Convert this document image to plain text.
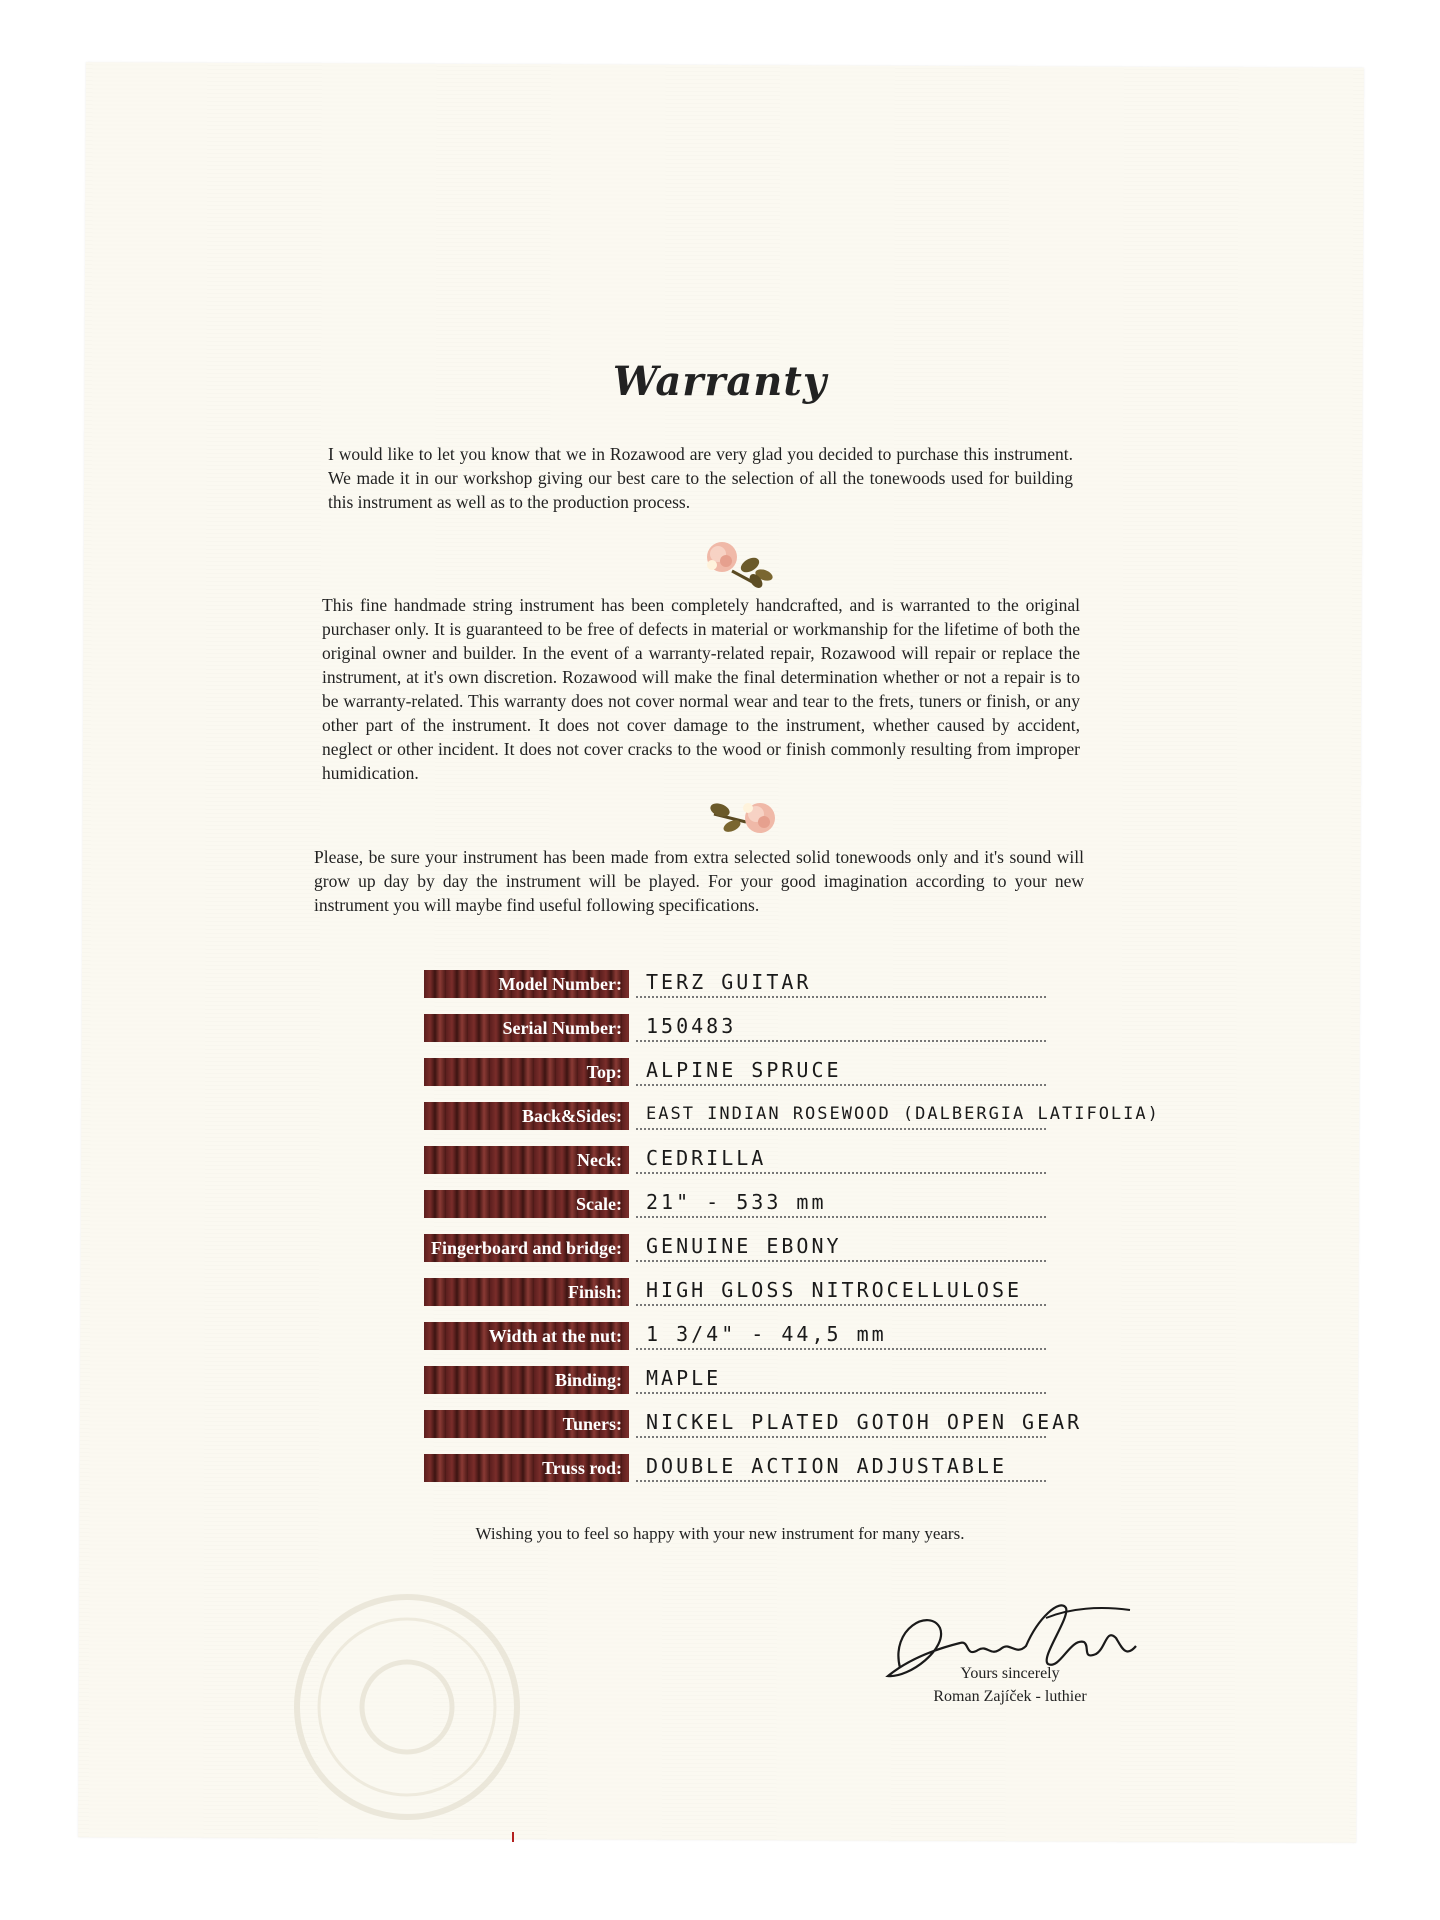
Warranty
I would like to let you know that we in Rozawood are very glad you decided to purchase this instrument. We made it in our workshop giving our best care to the selection of all the tonewoods used for building this instrument as well as to the production process.
This fine handmade string instrument has been completely handcrafted, and is warranted to the original purchaser only. It is guaranteed to be free of defects in material or workmanship for the lifetime of both the original owner and builder. In the event of a warranty-related repair, Rozawood will repair or replace the instrument, at it's own discretion. Rozawood will make the final determination whether or not a repair is to be warranty-related. This warranty does not cover normal wear and tear to the frets, tuners or finish, or any other part of the instrument. It does not cover damage to the instrument, whether caused by accident, neglect or other incident. It does not cover cracks to the wood or finish commonly resulting from improper humidication.
Please, be sure your instrument has been made from extra selected solid tonewoods only and it's sound will grow up day by day the instrument will be played. For your good imagination according to your new instrument you will maybe find useful following specifications.
Model Number:	TERZ GUITAR
Serial Number:	150483
Top:	ALPINE SPRUCE
Back&Sides:	EAST INDIAN ROSEWOOD (DALBERGIA LATIFOLIA)
Neck:	CEDRILLA
Scale:	21" - 533 mm
Fingerboard and bridge:	GENUINE EBONY
Finish:	HIGH GLOSS NITROCELLULOSE
Width at the nut:	1 3/4" - 44,5 mm
Binding:	MAPLE
Tuners:	NICKEL PLATED GOTOH OPEN GEAR
Truss rod:	DOUBLE ACTION ADJUSTABLE
Wishing you to feel so happy with your new instrument for many years.
Yours sincerely
Roman Zajíček - luthier
